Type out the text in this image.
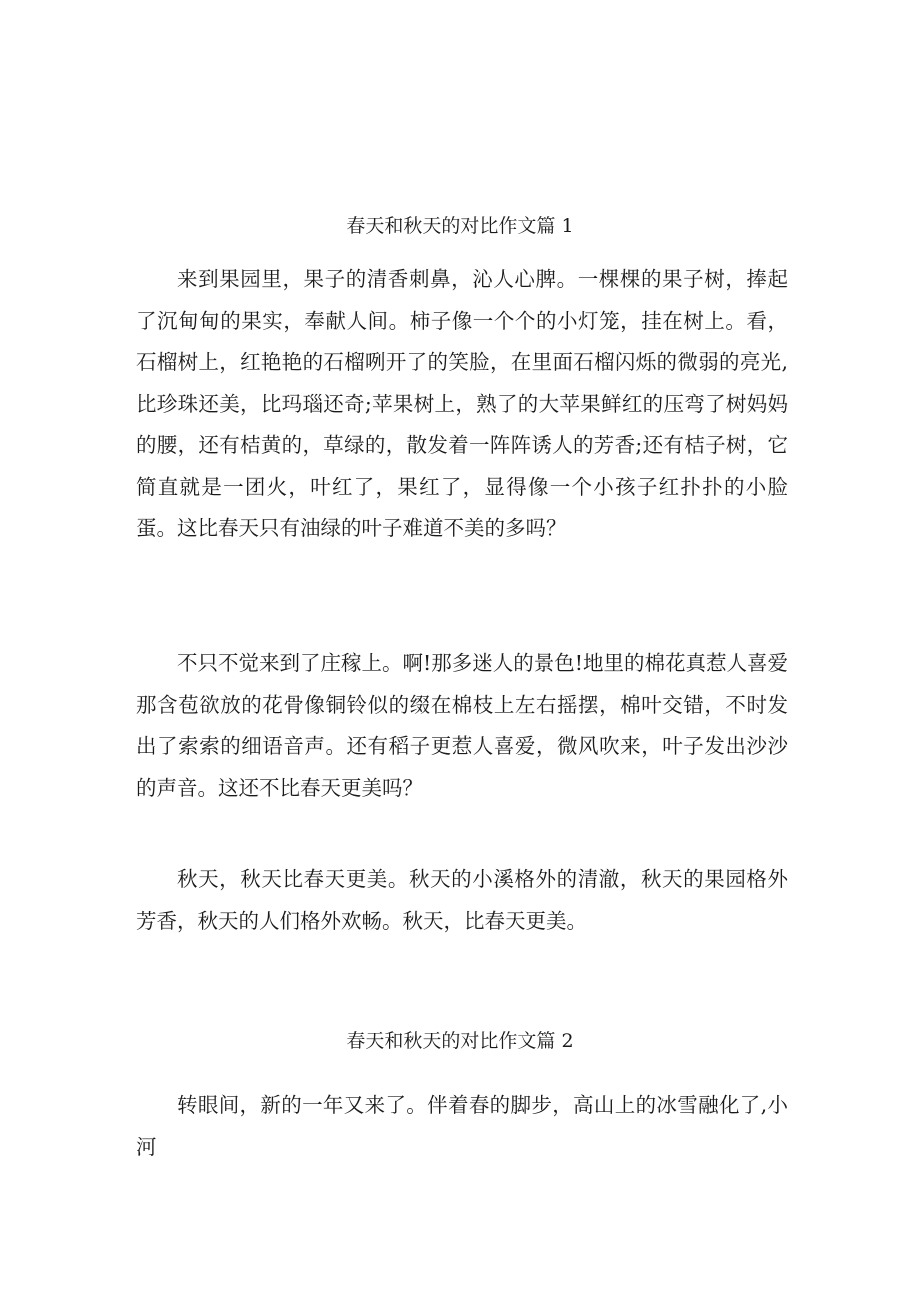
春天和秋天的对比作文篇 1

来到果园里，果子的清香刺鼻，沁人心脾。一棵棵的果子树，捧起了沉甸甸的果实，奉献人间。柿子像一个个的小灯笼，挂在树上。看，石榴树上，红艳艳的石榴咧开了的笑脸，在里面石榴闪烁的微弱的亮光,比珍珠还美，比玛瑙还奇;苹果树上，熟了的大苹果鲜红的压弯了树妈妈的腰，还有桔黄的，草绿的，散发着一阵阵诱人的芳香;还有桔子树，它简直就是一团火，叶红了，果红了，显得像一个小孩子红扑扑的小脸蛋。这比春天只有油绿的叶子难道不美的多吗？

不只不觉来到了庄稼上。啊!那多迷人的景色!地里的棉花真惹人喜爱那含苞欲放的花骨像铜铃似的缀在棉枝上左右摇摆，棉叶交错，不时发出了索索的细语音声。还有稻子更惹人喜爱，微风吹来，叶子发出沙沙的声音。这还不比春天更美吗？

秋天，秋天比春天更美。秋天的小溪格外的清澈，秋天的果园格外芳香，秋天的人们格外欢畅。秋天，比春天更美。

春天和秋天的对比作文篇 2

转眼间，新的一年又来了。伴着春的脚步，高山上的冰雪融化了,小河
